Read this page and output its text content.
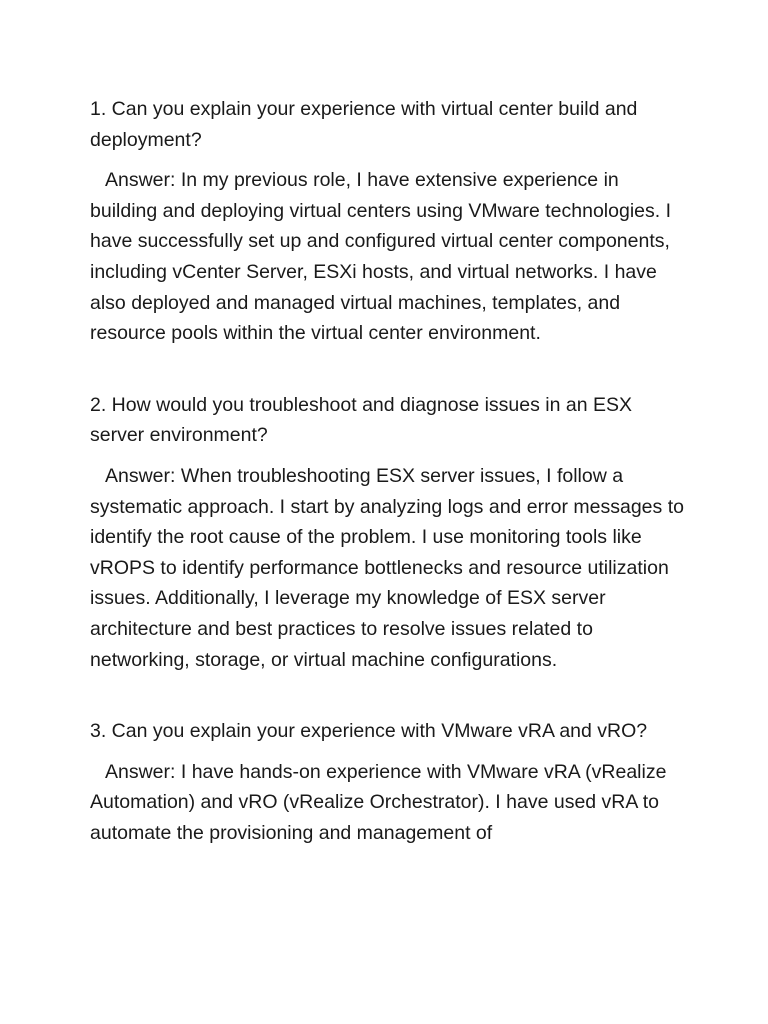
1. Can you explain your experience with virtual center build and deployment?

Answer: In my previous role, I have extensive experience in building and deploying virtual centers using VMware technologies. I have successfully set up and configured virtual center components, including vCenter Server, ESXi hosts, and virtual networks. I have also deployed and managed virtual machines, templates, and resource pools within the virtual center environment.

2. How would you troubleshoot and diagnose issues in an ESX server environment?

Answer: When troubleshooting ESX server issues, I follow a systematic approach. I start by analyzing logs and error messages to identify the root cause of the problem. I use monitoring tools like vROPS to identify performance bottlenecks and resource utilization issues. Additionally, I leverage my knowledge of ESX server architecture and best practices to resolve issues related to networking, storage, or virtual machine configurations.

3. Can you explain your experience with VMware vRA and vRO?

Answer: I have hands-on experience with VMware vRA (vRealize Automation) and vRO (vRealize Orchestrator). I have used vRA to automate the provisioning and management of
